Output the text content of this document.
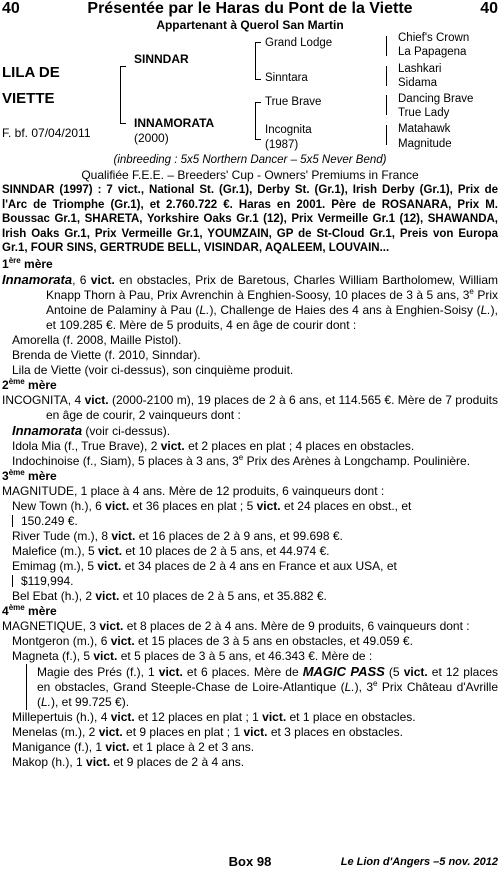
40	Présentée par le Haras du Pont de la Viette	40
Appartenant à Querol San Martin
LILA DE
VIETTE
F. bf. 07/04/2011
SINNDAR
INNAMORATA
(2000)
Grand Lodge
Sinntara
True Brave
Incognita
(1987)
Chief's Crown
La Papagena
Lashkari
Sidama
Dancing Brave
True Lady
Matahawk
Magnitude
(inbreeding : 5x5 Northern Dancer – 5x5 Never Bend)
Qualifiée F.E.E. – Breeders' Cup - Owners' Premiums in France

SINNDAR (1997) : 7 vict., National St. (Gr.1), Derby St. (Gr.1), Irish Derby (Gr.1), Prix de l'Arc de Triomphe (Gr.1), et 2.760.722 €. Haras en 2001. Père de ROSANARA, Prix M. Boussac Gr.1, SHARETA, Yorkshire Oaks Gr.1 (12), Prix Vermeille Gr.1 (12), SHAWANDA, Irish Oaks Gr.1, Prix Vermeille Gr.1, YOUMZAIN, GP de St-Cloud Gr.1, Preis von Europa Gr.1, FOUR SINS, GERTRUDE BELL, VISINDAR, AQALEEM, LOUVAIN...

1ère mère

Innamorata, 6 vict. en obstacles, Prix de Baretous, Charles William Bartholomew, William Knapp Thorn à Pau, Prix Avrenchin à Enghien-Soosy, 10 places de 3 à 5 ans, 3e Prix Antoine de Palaminy à Pau (L.), Challenge de Haies des 4 ans à Enghien-Soisy (L.), et 109.285 €. Mère de 5 produits, 4 en âge de courir dont :

Amorella (f. 2008, Maille Pistol).

Brenda de Viette (f. 2010, Sinndar).

Lila de Viette (voir ci-dessus), son cinquième produit.

2ème mère

INCOGNITA, 4 vict. (2000-2100 m), 19 places de 2 à 6 ans, et 114.565 €. Mère de 7 produits en âge de courir, 2 vainqueurs dont :

Innamorata (voir ci-dessus).

Idola Mia (f., True Brave), 2 vict. et 2 places en plat ; 4 places en obstacles.

Indochinoise (f., Siam), 5 places à 3 ans, 3e Prix des Arènes à Longchamp. Poulinière.

3ème mère

MAGNITUDE, 1 place à 4 ans. Mère de 12 produits, 6 vainqueurs dont :

New Town (h.), 6 vict. et 36 places en plat ; 5 vict. et 24 places en obst., et

150.249 €.

River Tude (m.), 8 vict. et 16 places de 2 à 9 ans, et 99.698 €.

Malefice (m.), 5 vict. et 10 places de 2 à 5 ans, et 44.974 €.

Emimag (m.), 5 vict. et 34 places de 2 à 4 ans en France et aux USA, et

$119,994.

Bel Ebat (h.), 2 vict. et 10 places de 2 à 5 ans, et 35.882 €.

4ème mère

MAGNETIQUE, 3 vict. et 8 places de 2 à 4 ans. Mère de 9 produits, 6 vainqueurs dont :

Montgeron (m.), 6 vict. et 15 places de 3 à 5 ans en obstacles, et 49.059 €.

Magneta (f.), 5 vict. et 5 places de 3 à 5 ans, et 46.343 €. Mère de :

Magie des Prés (f.), 1 vict. et 6 places. Mère de MAGIC PASS (5 vict. et 12 places en obstacles, Grand Steeple-Chase de Loire-Atlantique (L.), 3e Prix Château d'Avrille (L.), et 99.725 €).

Millepertuis (h.), 4 vict. et 12 places en plat ; 1 vict. et 1 place en obstacles.

Menelas (m.), 2 vict. et 9 places en plat ; 1 vict. et 3 places en obstacles.

Manigance (f.), 1 vict. et 1 place à 2 et 3 ans.

Makop (h.), 1 vict. et 9 places de 2 à 4 ans.

Box 98	Le Lion d'Angers –5 nov. 2012
